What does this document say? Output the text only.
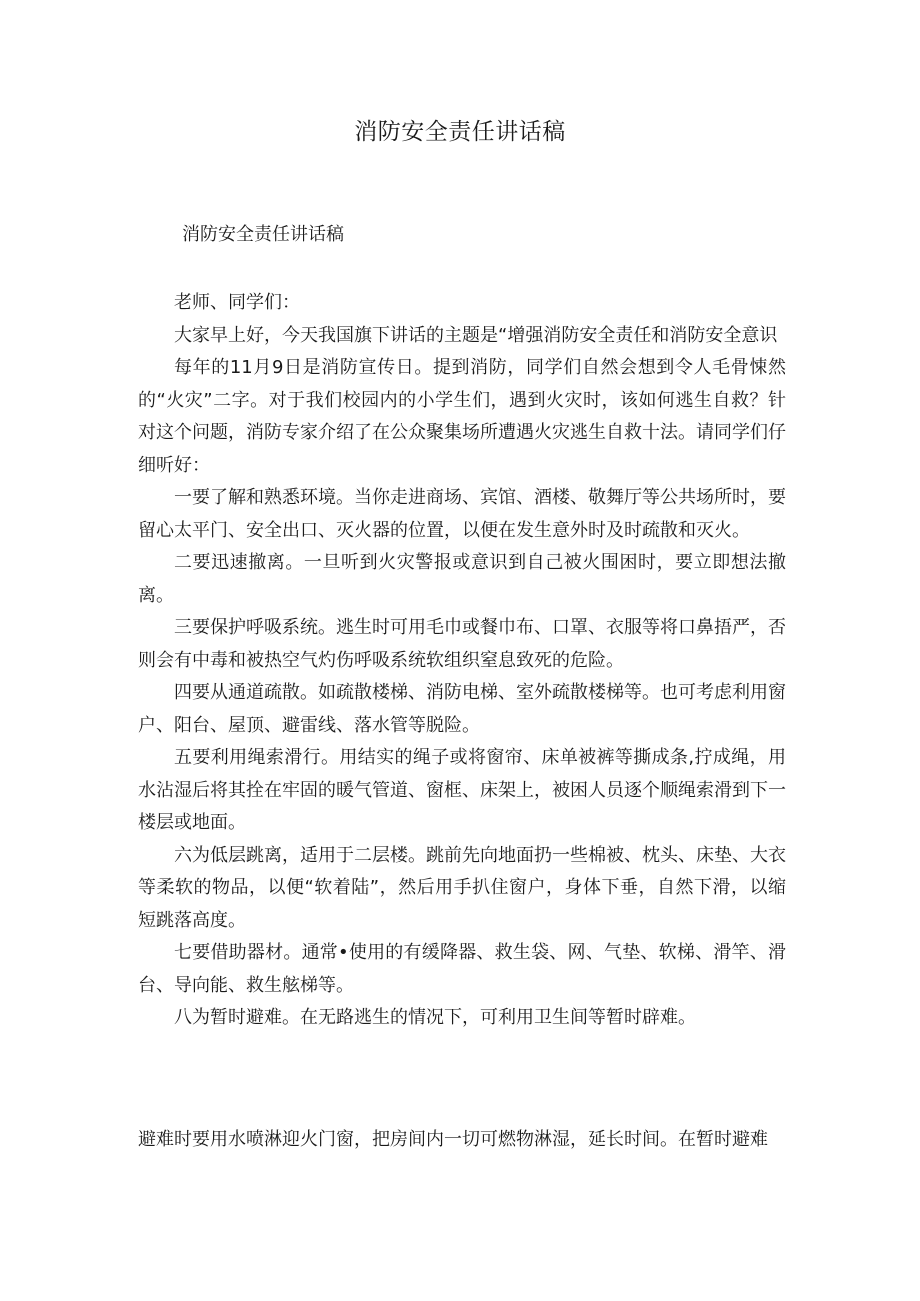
消防安全责任讲话稿

消防安全责任讲话稿

老师、同学们：

大家早上好，今天我国旗下讲话的主题是“增强消防安全责任和消防安全意识

每年的11月9日是消防宣传日。提到消防，同学们自然会想到令人毛骨悚然的“火灾”二字。对于我们校园内的小学生们，遇到火灾时，该如何逃生自救？针对这个问题，消防专家介绍了在公众聚集场所遭遇火灾逃生自救十法。请同学们仔细听好：

一要了解和熟悉环境。当你走进商场、宾馆、酒楼、敬舞厅等公共场所时，要留心太平门、安全出口、灭火器的位置，以便在发生意外时及时疏散和灭火。

二要迅速撤离。一旦听到火灾警报或意识到自己被火围困时，要立即想法撤离。

三要保护呼吸系统。逃生时可用毛巾或餐巾布、口罩、衣服等将口鼻捂严，否则会有中毒和被热空气灼伤呼吸系统软组织窒息致死的危险。

四要从通道疏散。如疏散楼梯、消防电梯、室外疏散楼梯等。也可考虑利用窗户、阳台、屋顶、避雷线、落水管等脱险。

五要利用绳索滑行。用结实的绳子或将窗帘、床单被裤等撕成条,拧成绳，用水沾湿后将其拴在牢固的暖气管道、窗框、床架上，被困人员逐个顺绳索滑到下一楼层或地面。

六为低层跳离，适用于二层楼。跳前先向地面扔一些棉被、枕头、床垫、大衣等柔软的物品，以便“软着陆”，然后用手扒住窗户，身体下垂，自然下滑，以缩短跳落高度。

七要借助器材。通常•使用的有缓降器、救生袋、网、气垫、软梯、滑竿、滑台、导向能、救生舷梯等。

八为暂时避难。在无路逃生的情况下，可利用卫生间等暂时辟难。

避难时要用水喷淋迎火门窗，把房间内一切可燃物淋湿，延长时间。在暂时避难
